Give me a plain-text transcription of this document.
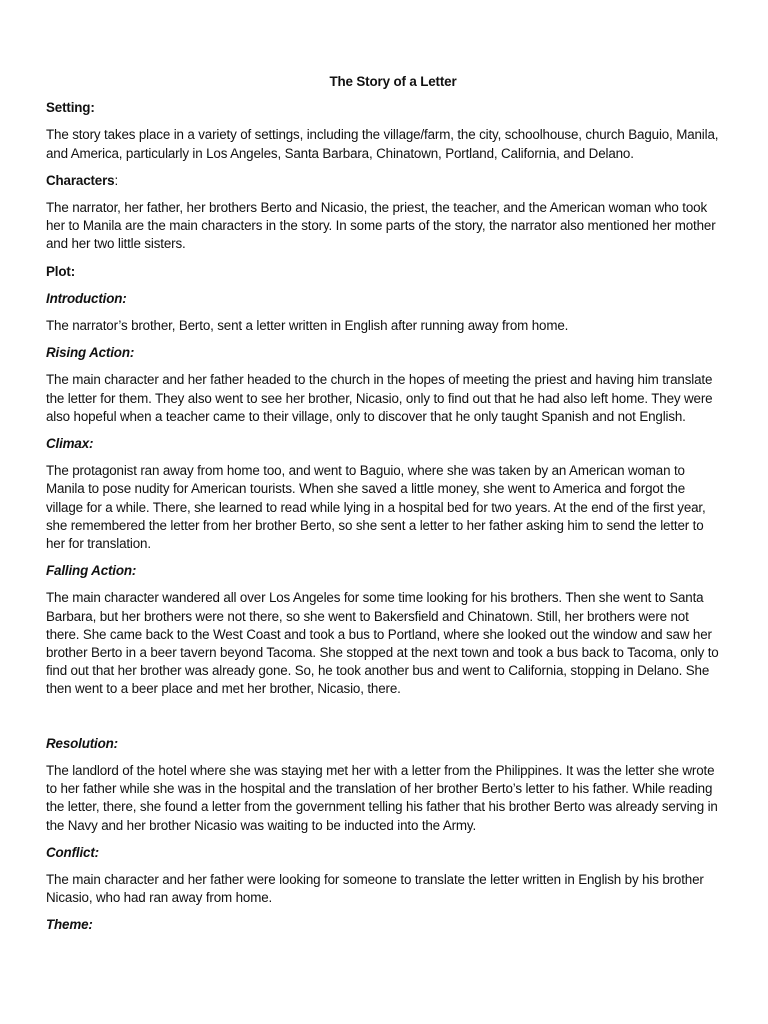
The Story of a Letter
Setting:
The story takes place in a variety of settings, including the village/farm, the city, schoolhouse, church Baguio, Manila, and America, particularly in Los Angeles, Santa Barbara, Chinatown, Portland, California, and Delano.
Characters:
The narrator, her father, her brothers Berto and Nicasio, the priest, the teacher, and the American woman who took her to Manila are the main characters in the story. In some parts of the story, the narrator also mentioned her mother and her two little sisters.
Plot:
Introduction:
The narrator’s brother, Berto, sent a letter written in English after running away from home.
Rising Action:
The main character and her father headed to the church in the hopes of meeting the priest and having him translate the letter for them. They also went to see her brother, Nicasio, only to find out that he had also left home. They were also hopeful when a teacher came to their village, only to discover that he only taught Spanish and not English.
Climax:
The protagonist ran away from home too, and went to Baguio, where she was taken by an American woman to Manila to pose nudity for American tourists. When she saved a little money, she went to America and forgot the village for a while. There, she learned to read while lying in a hospital bed for two years. At the end of the first year, she remembered the letter from her brother Berto, so she sent a letter to her father asking him to send the letter to her for translation.
Falling Action:
The main character wandered all over Los Angeles for some time looking for his brothers. Then she went to Santa Barbara, but her brothers were not there, so she went to Bakersfield and Chinatown. Still, her brothers were not there. She came back to the West Coast and took a bus to Portland, where she looked out the window and saw her brother Berto in a beer tavern beyond Tacoma. She stopped at the next town and took a bus back to Tacoma, only to find out that her brother was already gone. So, he took another bus and went to California, stopping in Delano. She then went to a beer place and met her brother, Nicasio, there.
Resolution:
The landlord of the hotel where she was staying met her with a letter from the Philippines. It was the letter she wrote to her father while she was in the hospital and the translation of her brother Berto’s letter to his father. While reading the letter, there, she found a letter from the government telling his father that his brother Berto was already serving in the Navy and her brother Nicasio was waiting to be inducted into the Army.
Conflict:
The main character and her father were looking for someone to translate the letter written in English by his brother Nicasio, who had ran away from home.
Theme:
